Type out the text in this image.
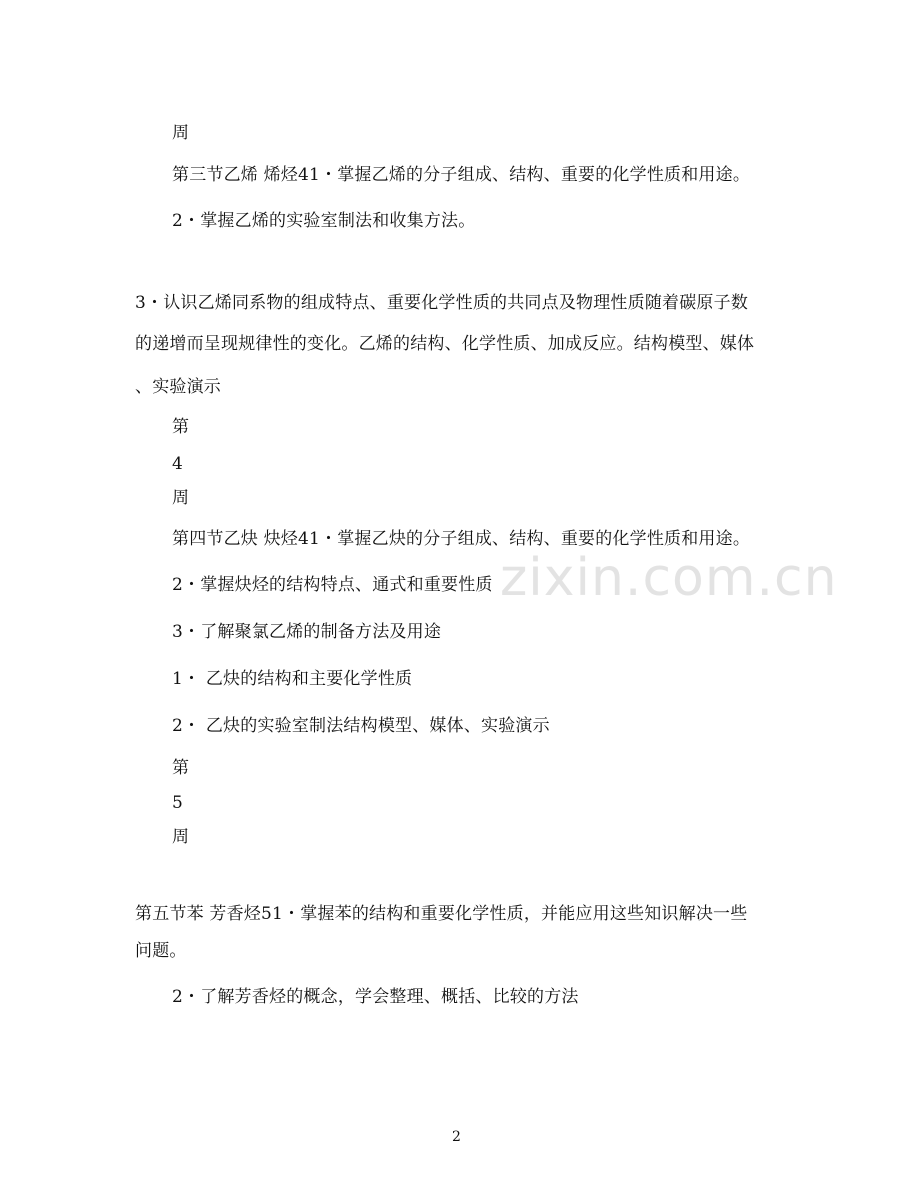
zixin.com.cn
周
第三节乙烯 烯烃41・掌握乙烯的分子组成、结构、重要的化学性质和用途。
2・掌握乙烯的实验室制法和收集方法。
3・认识乙烯同系物的组成特点、重要化学性质的共同点及物理性质随着碳原子数
的递增而呈现规律性的变化。乙烯的结构、化学性质、加成反应。结构模型、媒体
、实验演示
第
4
周
第四节乙炔 炔烃41・掌握乙炔的分子组成、结构、重要的化学性质和用途。
2・掌握炔烃的结构特点、通式和重要性质
3・了解聚氯乙烯的制备方法及用途
1・ 乙炔的结构和主要化学性质
2・ 乙炔的实验室制法结构模型、媒体、实验演示
第
5
周
第五节苯 芳香烃51・掌握苯的结构和重要化学性质，并能应用这些知识解决一些
问题。
2・了解芳香烃的概念，学会整理、概括、比较的方法
2
